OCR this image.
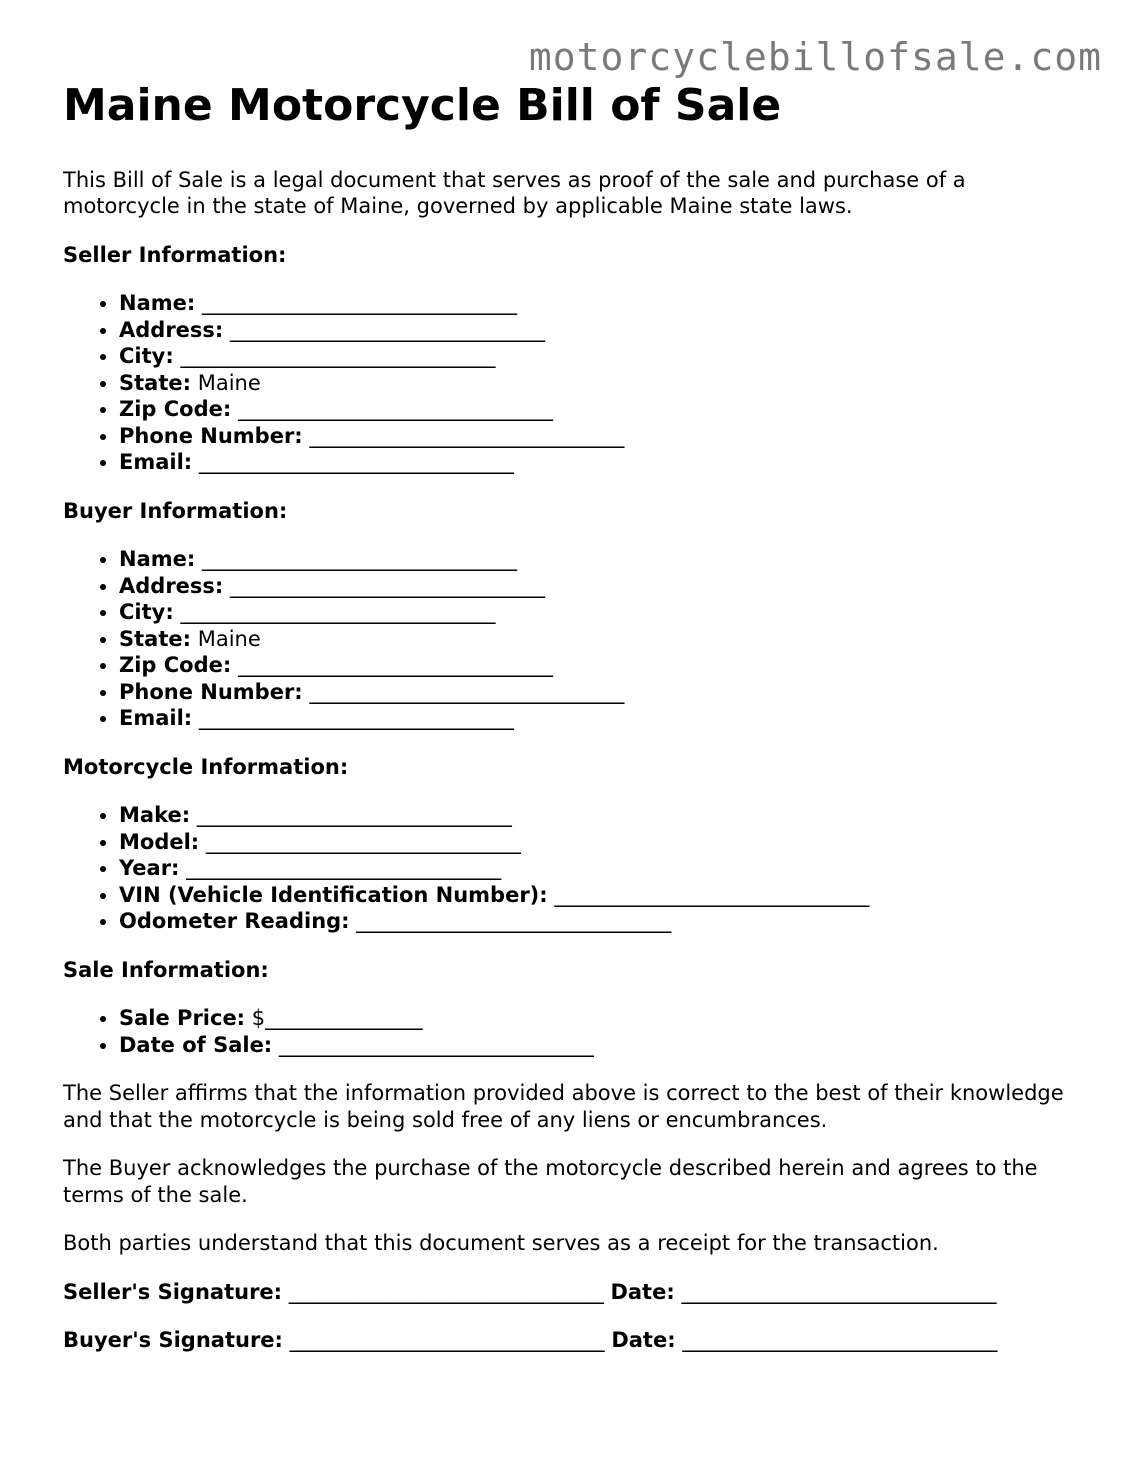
motorcyclebillofsale.com
Maine Motorcycle Bill of Sale

This Bill of Sale is a legal document that serves as proof of the sale and purchase of a motorcycle in the state of Maine, governed by applicable Maine state laws.

Seller Information:
• Name: ______________________________
• Address: ______________________________
• City: ______________________________
• State: Maine
• Zip Code: ______________________________
• Phone Number: ______________________________
• Email: ______________________________
Buyer Information:
• Name: ______________________________
• Address: ______________________________
• City: ______________________________
• State: Maine
• Zip Code: ______________________________
• Phone Number: ______________________________
• Email: ______________________________
Motorcycle Information:
• Make: ______________________________
• Model: ______________________________
• Year: ______________________________
• VIN (Vehicle Identification Number): ______________________________
• Odometer Reading: ______________________________
Sale Information:
• Sale Price: $_______________
• Date of Sale: ______________________________

The Seller affirms that the information provided above is correct to the best of their knowledge and that the motorcycle is being sold free of any liens or encumbrances.

The Buyer acknowledges the purchase of the motorcycle described herein and agrees to the terms of the sale.

Both parties understand that this document serves as a receipt for the transaction.

Seller's Signature: ______________________________ Date: ______________________________
Buyer's Signature: ______________________________ Date: ______________________________
